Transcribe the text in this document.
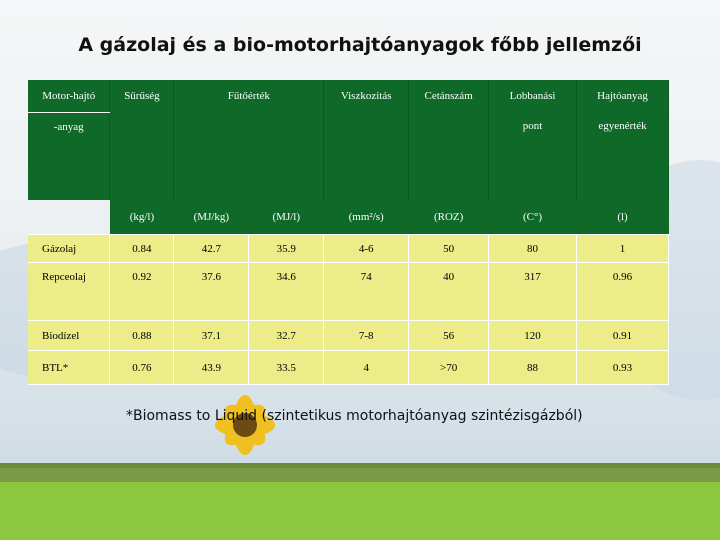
A gázolaj és a bio-motorhajtóanyagok főbb jellemzői
Motor-hajtó	Sűrűség	Fűtőérték		Viszkozitás	Cetánszám	Lobbanási	Hajtóanyag
-anyag						pont	egyenérték
	(kg/l)	(MJ/kg)	(MJ/l)	(mm²/s)	(ROZ)	(C°)	(l)
Gázolaj	0.84	42.7	35.9	4-6	50	80	1
Repceolaj	0.92	37.6	34.6	74	40	317	0.96
Biodízel	0.88	37.1	32.7	7-8	56	120	0.91
BTL*	0.76	43.9	33.5	4	>70	88	0.93
*Biomass to Liquid (szintetikus motorhajtóanyag szintézisgázból)
